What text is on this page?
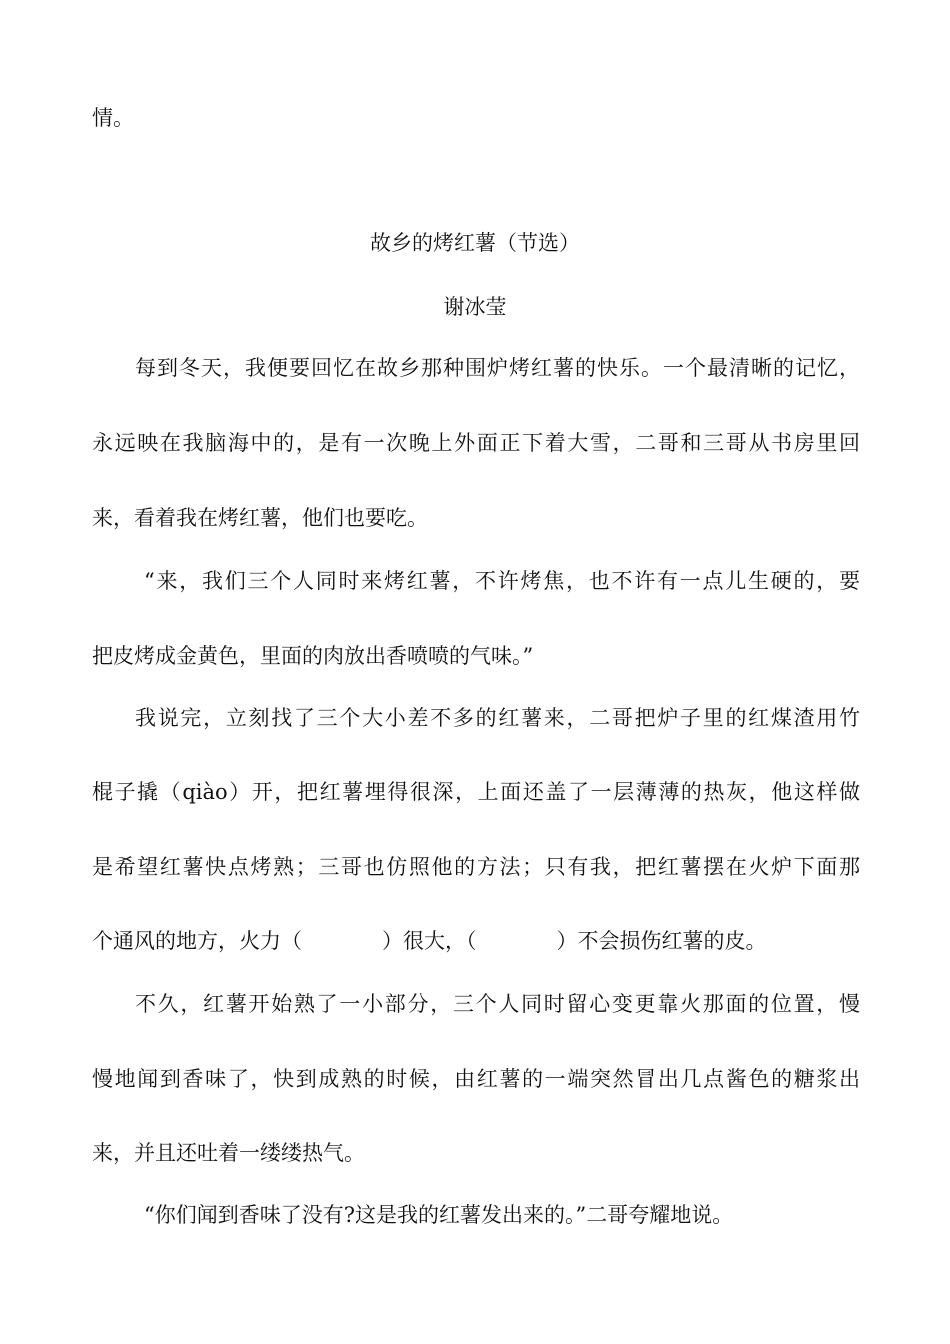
情。
故乡的烤红薯（节选）
谢冰莹
每到冬天，我便要回忆在故乡那种围炉烤红薯的快乐。一个最清晰的记忆，
永远映在我脑海中的，是有一次晚上外面正下着大雪，二哥和三哥从书房里回
来，看着我在烤红薯，他们也要吃。
“来，我们三个人同时来烤红薯，不许烤焦，也不许有一点儿生硬的，要
把皮烤成金黄色，里面的肉放出香喷喷的气味。”
我说完，立刻找了三个大小差不多的红薯来，二哥把炉子里的红煤渣用竹
棍子撬（qiào）开，把红薯埋得很深，上面还盖了一层薄薄的热灰，他这样做
是希望红薯快点烤熟；三哥也仿照他的方法；只有我，把红薯摆在火炉下面那
个通风的地方，火力（	）很大，（	）不会损伤红薯的皮。
不久，红薯开始熟了一小部分，三个人同时留心变更靠火那面的位置，慢
慢地闻到香味了，快到成熟的时候，由红薯的一端突然冒出几点酱色的糖浆出
来，并且还吐着一缕缕热气。
“你们闻到香味了没有?这是我的红薯发出来的。”二哥夸耀地说。
